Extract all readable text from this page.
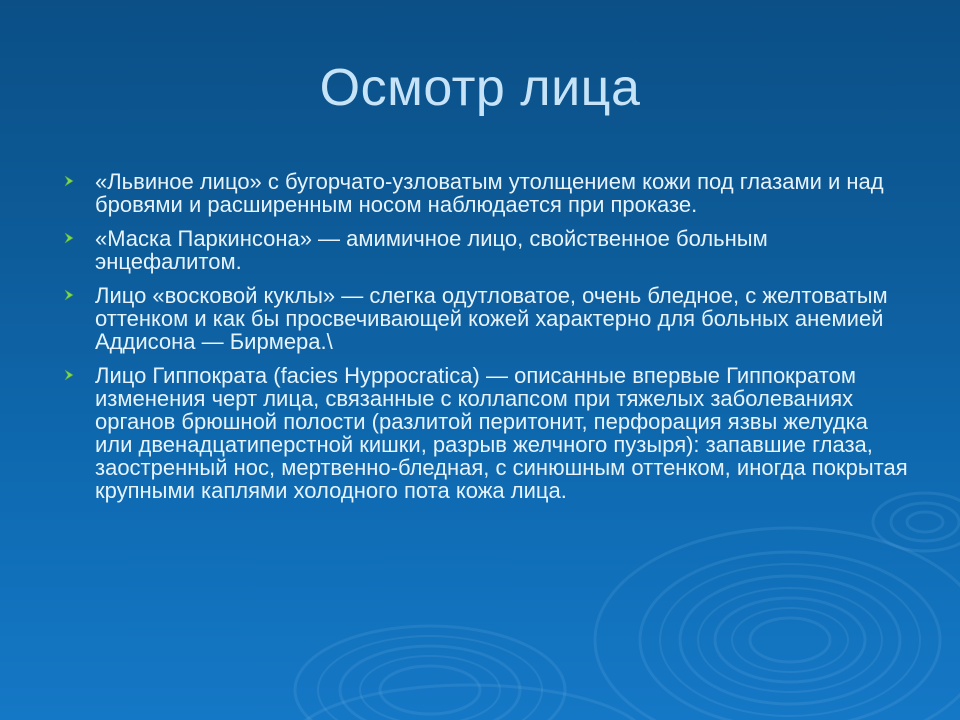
Осмотр лица
«Львиное лицо» с бугорчато-узловатым утолщением кожи под глазами и над бровями и расширенным носом наблюдается при проказе.
«Маска Паркинсона» — амимичное лицо, свойственное больным энцефалитом.
Лицо «восковой куклы» — слегка одутловатое, очень бледное, с желтоватым оттенком и как бы просвечивающей кожей характерно для больных анемией Аддисона — Бирмера.\
Лицо Гиппократа (facies Hyppocratica) — описанные впервые Гиппократом изменения черт лица, связанные с коллапсом при тяжелых заболеваниях органов брюшной полости (разлитой перитонит, перфорация язвы желудка или двенадцатиперстной кишки, разрыв желчного пузыря): запавшие глаза, заостренный нос, мертвенно-бледная, с синюшным оттенком, иногда покрытая крупными каплями холодного пота кожа лица.
